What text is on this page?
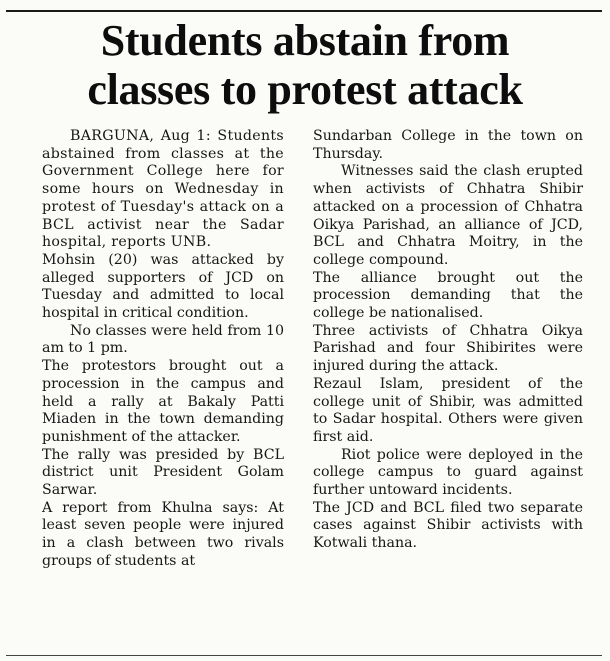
Students abstain from
classes to protest attack

BARGUNA, Aug 1: Students abstained from classes at the Government College here for some hours on Wednesday in protest of Tuesday's attack on a BCL activist near the Sadar hospital, reports UNB.

Mohsin (20) was attacked by alleged supporters of JCD on Tuesday and admitted to local hospital in critical condition.

No classes were held from 10 am to 1 pm.

The protestors brought out a procession in the campus and held a rally at Bakaly Patti Miaden in the town demanding punishment of the attacker.

The rally was presided by BCL district unit President Golam Sarwar.

A report from Khulna says: At least seven people were injured in a clash between two rivals groups of students at

Sundarban College in the town on Thursday.

Witnesses said the clash erupted when activists of Chhatra Shibir attacked on a procession of Chhatra Oikya Parishad, an alliance of JCD, BCL and Chhatra Moitry, in the college compound.

The alliance brought out the procession demanding that the college be nationalised.

Three activists of Chhatra Oikya Parishad and four Shibirites were injured during the attack.

Rezaul Islam, president of the college unit of Shibir, was admitted to Sadar hospital. Others were given first aid.

Riot police were deployed in the college campus to guard against further untoward incidents.

The JCD and BCL filed two separate cases against Shibir activists with Kotwali thana.
